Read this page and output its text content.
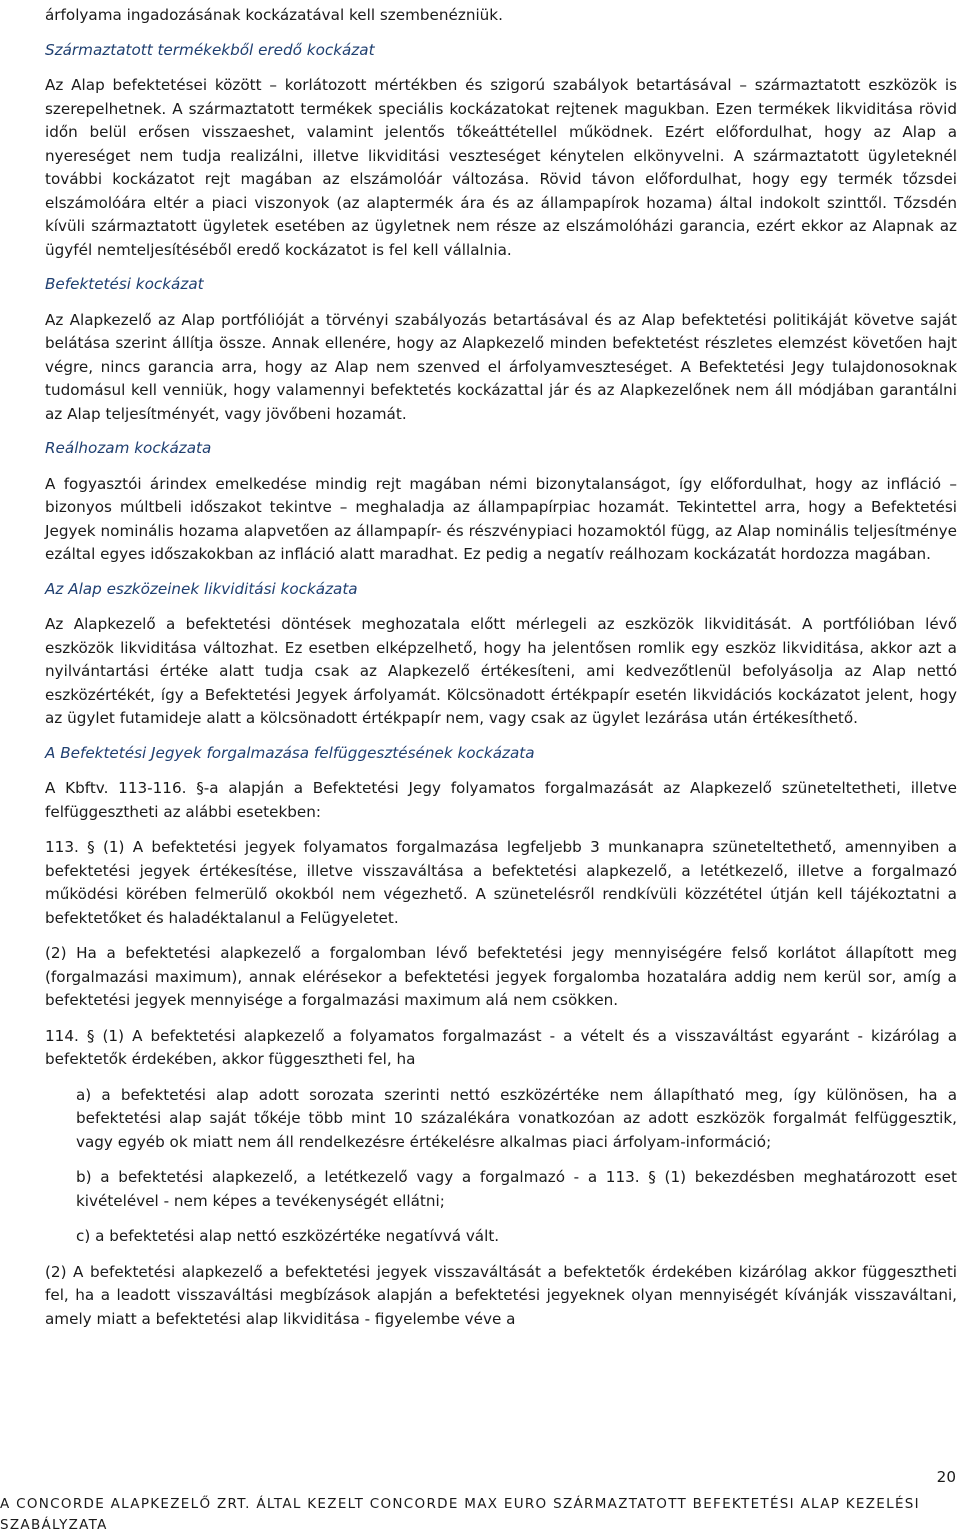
árfolyama ingadozásának kockázatával kell szembenézniük.

Származtatott termékekből eredő kockázat

Az Alap befektetései között – korlátozott mértékben és szigorú szabályok betartásával – származtatott eszközök is szerepelhetnek. A származtatott termékek speciális kockázatokat rejtenek magukban. Ezen termékek likviditása rövid időn belül erősen visszaeshet, valamint jelentős tőkeáttétellel működnek. Ezért előfordulhat, hogy az Alap a nyereséget nem tudja realizálni, illetve likviditási veszteséget kénytelen elkönyvelni. A származtatott ügyleteknél további kockázatot rejt magában az elszámolóár változása. Rövid távon előfordulhat, hogy egy termék tőzsdei elszámolóára eltér a piaci viszonyok (az alaptermék ára és az állampapírok hozama) által indokolt szinttől. Tőzsdén kívüli származtatott ügyletek esetében az ügyletnek nem része az elszámolóházi garancia, ezért ekkor az Alapnak az ügyfél nemteljesítéséből eredő kockázatot is fel kell vállalnia.

Befektetési kockázat

Az Alapkezelő az Alap portfólióját a törvényi szabályozás betartásával és az Alap befektetési politikáját követve saját belátása szerint állítja össze. Annak ellenére, hogy az Alapkezelő minden befektetést részletes elemzést követően hajt végre, nincs garancia arra, hogy az Alap nem szenved el árfolyamveszteséget. A Befektetési Jegy tulajdonosoknak tudomásul kell venniük, hogy valamennyi befektetés kockázattal jár és az Alapkezelőnek nem áll módjában garantálni az Alap teljesítményét, vagy jövőbeni hozamát.

Reálhozam kockázata

A fogyasztói árindex emelkedése mindig rejt magában némi bizonytalanságot, így előfordulhat, hogy az infláció – bizonyos múltbeli időszakot tekintve – meghaladja az állampapírpiac hozamát. Tekintettel arra, hogy a Befektetési Jegyek nominális hozama alapvetően az állampapír- és részvénypiaci hozamoktól függ, az Alap nominális teljesítménye ezáltal egyes időszakokban az infláció alatt maradhat. Ez pedig a negatív reálhozam kockázatát hordozza magában.

Az Alap eszközeinek likviditási kockázata

Az Alapkezelő a befektetési döntések meghozatala előtt mérlegeli az eszközök likviditását. A portfólióban lévő eszközök likviditása változhat. Ez esetben elképzelhető, hogy ha jelentősen romlik egy eszköz likviditása, akkor azt a nyilvántartási értéke alatt tudja csak az Alapkezelő értékesíteni, ami kedvezőtlenül befolyásolja az Alap nettó eszközértékét, így a Befektetési Jegyek árfolyamát. Kölcsönadott értékpapír esetén likvidációs kockázatot jelent, hogy az ügylet futamideje alatt a kölcsönadott értékpapír nem, vagy csak az ügylet lezárása után értékesíthető.

A Befektetési Jegyek forgalmazása felfüggesztésének kockázata

A Kbftv. 113-116. §-a alapján a Befektetési Jegy folyamatos forgalmazását az Alapkezelő szüneteltetheti, illetve felfüggesztheti az alábbi esetekben:

113. § (1) A befektetési jegyek folyamatos forgalmazása legfeljebb 3 munkanapra szüneteltethető, amennyiben a befektetési jegyek értékesítése, illetve visszaváltása a befektetési alapkezelő, a letétkezelő, illetve a forgalmazó működési körében felmerülő okokból nem végezhető. A szünetelésről rendkívüli közzététel útján kell tájékoztatni a befektetőket és haladéktalanul a Felügyeletet.

(2) Ha a befektetési alapkezelő a forgalomban lévő befektetési jegy mennyiségére felső korlátot állapított meg (forgalmazási maximum), annak elérésekor a befektetési jegyek forgalomba hozatalára addig nem kerül sor, amíg a befektetési jegyek mennyisége a forgalmazási maximum alá nem csökken.

114. § (1) A befektetési alapkezelő a folyamatos forgalmazást - a vételt és a visszaváltást egyaránt - kizárólag a befektetők érdekében, akkor függesztheti fel, ha

a) a befektetési alap adott sorozata szerinti nettó eszközértéke nem állapítható meg, így különösen, ha a befektetési alap saját tőkéje több mint 10 százalékára vonatkozóan az adott eszközök forgalmát felfüggesztik, vagy egyéb ok miatt nem áll rendelkezésre értékelésre alkalmas piaci árfolyam-információ;

b) a befektetési alapkezelő, a letétkezelő vagy a forgalmazó - a 113. § (1) bekezdésben meghatározott eset kivételével - nem képes a tevékenységét ellátni;

c) a befektetési alap nettó eszközértéke negatívvá vált.

(2) A befektetési alapkezelő a befektetési jegyek visszaváltását a befektetők érdekében kizárólag akkor függesztheti fel, ha a leadott visszaváltási megbízások alapján a befektetési jegyeknek olyan mennyiségét kívánják visszaváltani, amely miatt a befektetési alap likviditása - figyelembe véve a

20
A CONCORDE ALAPKEZELŐ ZRT. ÁLTAL KEZELT CONCORDE MAX EURO SZÁRMAZTATOTT BEFEKTETÉSI ALAP KEZELÉSI SZABÁLYZATA
